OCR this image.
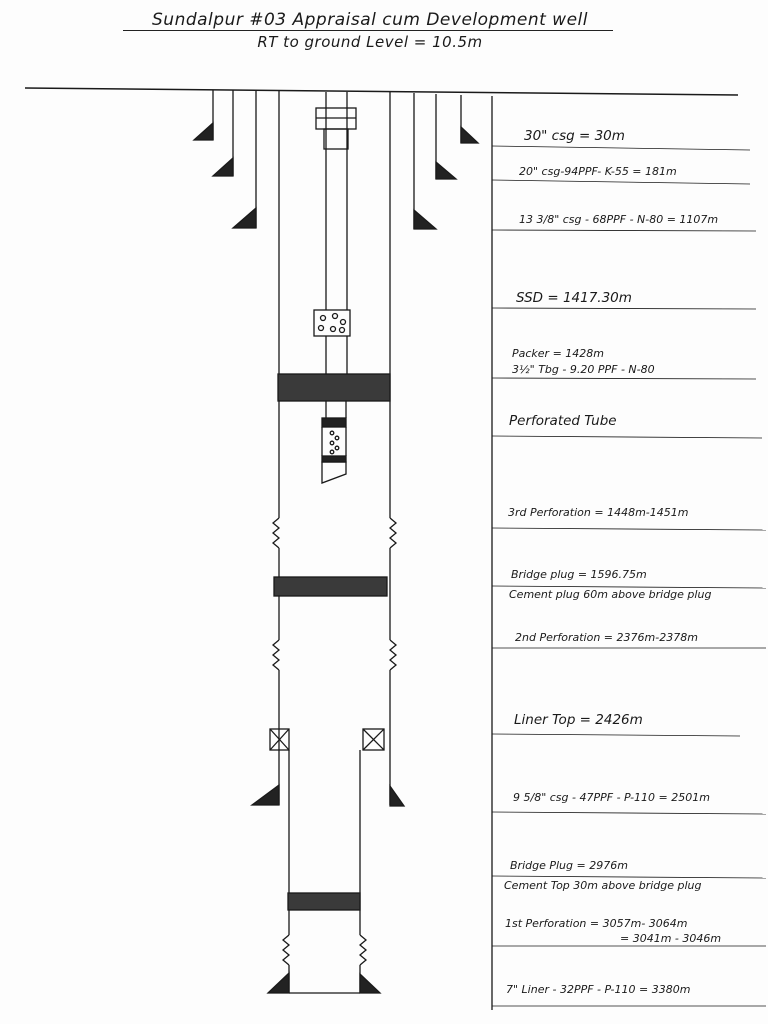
Sundalpur #03 Appraisal cum Development well
RT to ground Level = 10.5m
30" csg = 30m
20" csg-94PPF- K-55 = 181m
13 3/8" csg - 68PPF - N-80 = 1107m
SSD = 1417.30m
Packer = 1428m
3½" Tbg - 9.20 PPF - N-80
Perforated Tube
3rd Perforation = 1448m-1451m
Bridge plug = 1596.75m
Cement plug 60m above bridge plug
2nd Perforation = 2376m-2378m
Liner Top = 2426m
9 5/8" csg - 47PPF - P-110 = 2501m
Bridge Plug = 2976m
Cement Top 30m above bridge plug
1st Perforation = 3057m- 3064m
= 3041m - 3046m
7" Liner - 32PPF - P-110 = 3380m
